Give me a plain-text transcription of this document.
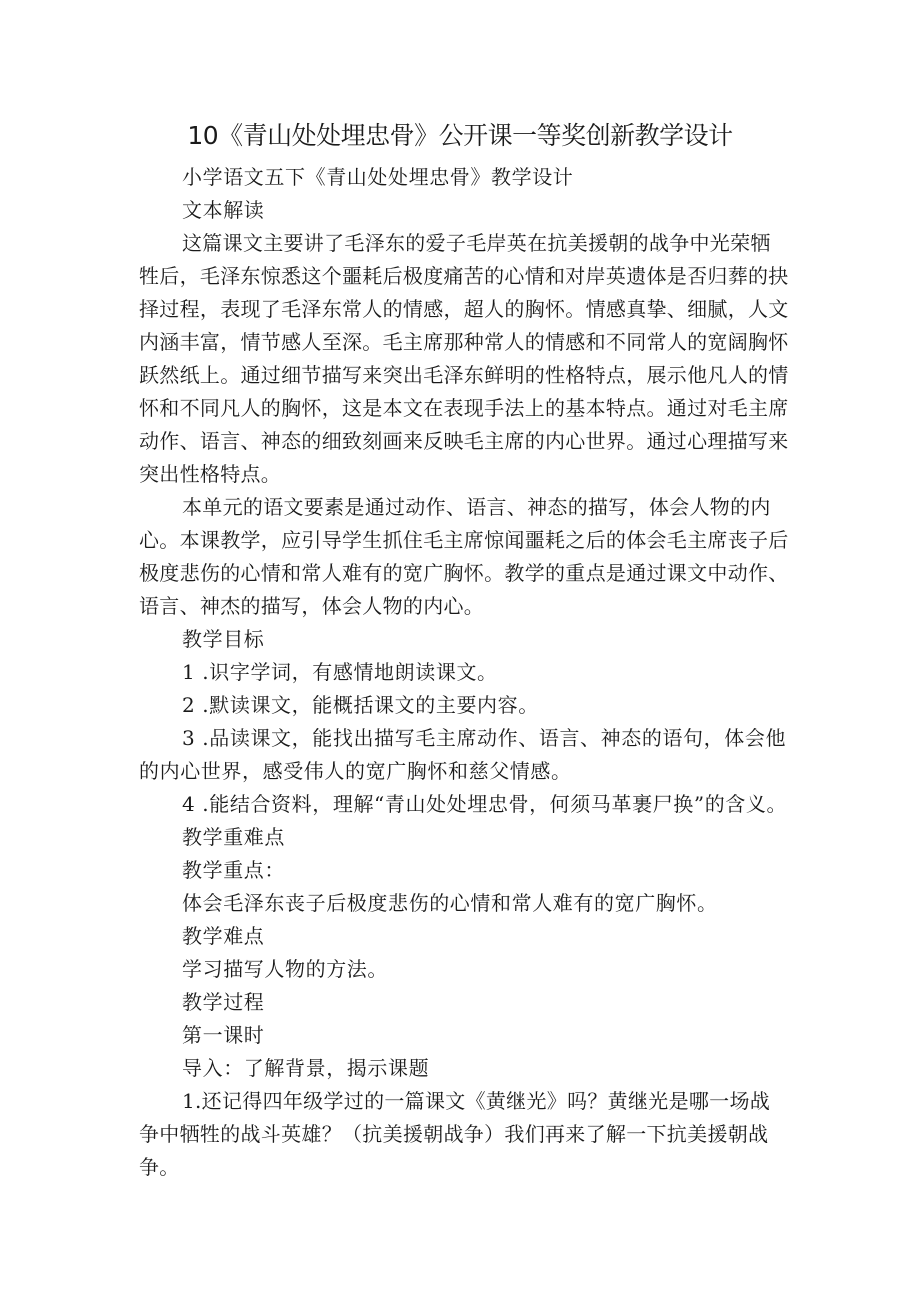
10《青山处处埋忠骨》公开课一等奖创新教学设计

小学语文五下《青山处处埋忠骨》教学设计

文本解读

这篇课文主要讲了毛泽东的爱子毛岸英在抗美援朝的战争中光荣牺牲后，毛泽东惊悉这个噩耗后极度痛苦的心情和对岸英遗体是否归葬的抉择过程，表现了毛泽东常人的情感，超人的胸怀。情感真挚、细腻，人文内涵丰富，情节感人至深。毛主席那种常人的情感和不同常人的宽阔胸怀跃然纸上。通过细节描写来突出毛泽东鲜明的性格特点，展示他凡人的情怀和不同凡人的胸怀，这是本文在表现手法上的基本特点。通过对毛主席动作、语言、神态的细致刻画来反映毛主席的内心世界。通过心理描写来突出性格特点。

本单元的语文要素是通过动作、语言、神态的描写，体会人物的内心。本课教学，应引导学生抓住毛主席惊闻噩耗之后的体会毛主席丧子后极度悲伤的心情和常人难有的宽广胸怀。教学的重点是通过课文中动作、语言、神杰的描写，体会人物的内心。

教学目标

1 .识字学词，有感情地朗读课文。

2 .默读课文，能概括课文的主要内容。

3 .品读课文，能找出描写毛主席动作、语言、神态的语句，体会他的内心世界，感受伟人的宽广胸怀和慈父情感。

4 .能结合资料，理解“青山处处埋忠骨，何须马革裹尸换”的含义。

教学重难点

教学重点：

体会毛泽东丧子后极度悲伤的心情和常人难有的宽广胸怀。

教学难点

学习描写人物的方法。

教学过程

第一课时

导入：了解背景，揭示课题

1.还记得四年级学过的一篇课文《黄继光》吗？黄继光是哪一场战争中牺牲的战斗英雄？（抗美援朝战争）我们再来了解一下抗美援朝战争。
